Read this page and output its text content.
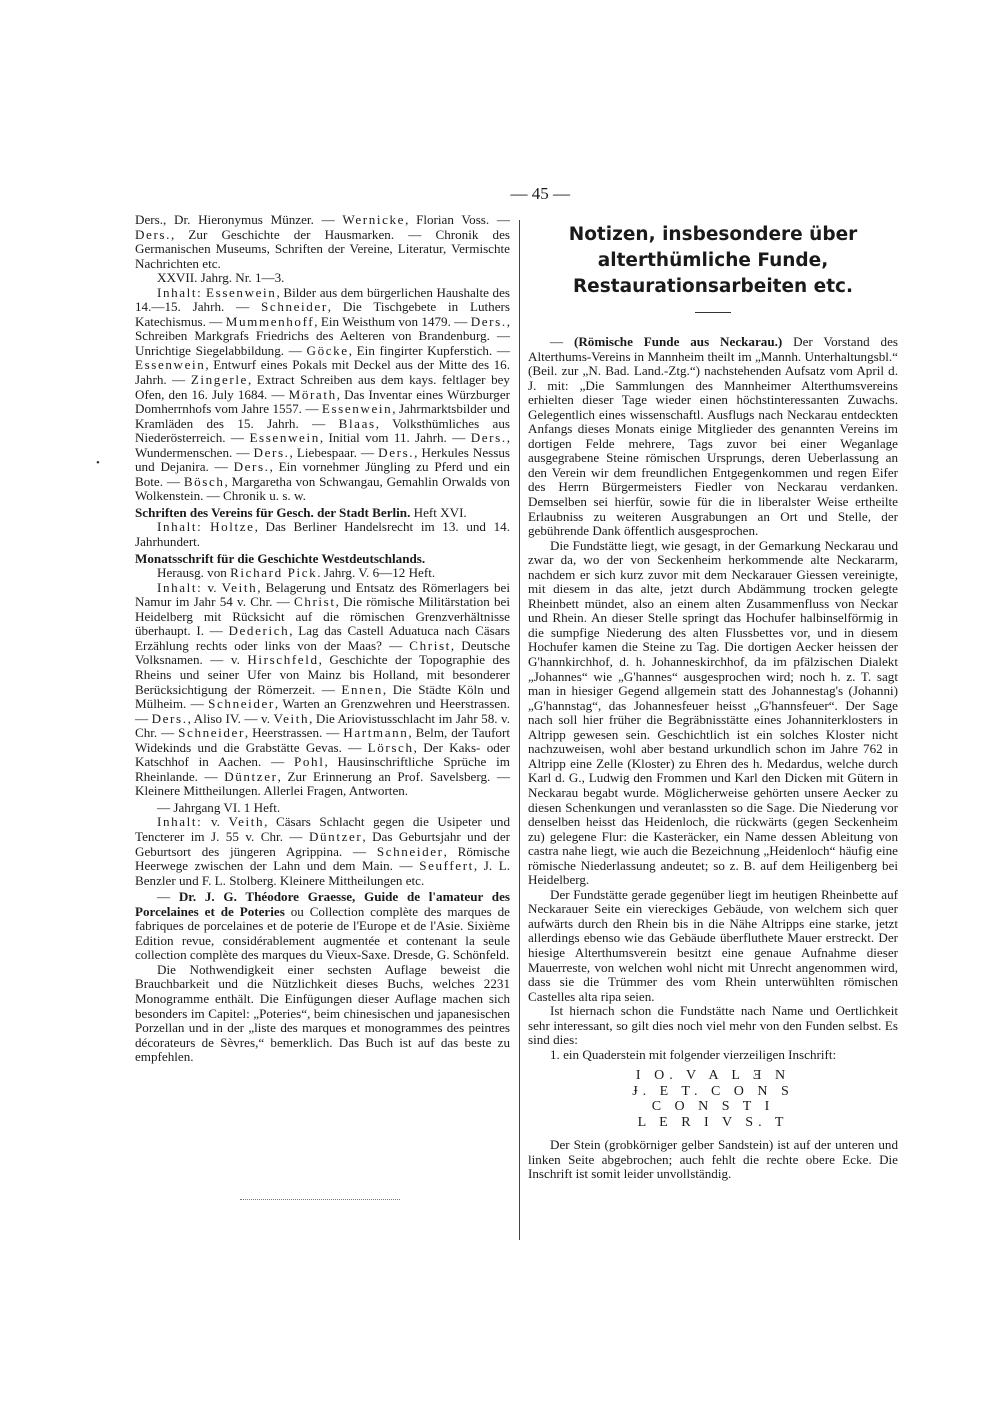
— 45 —
•

Ders., Dr. Hieronymus Münzer. — Wernicke, Florian Voss. — Ders., Zur Geschichte der Hausmarken. — Chronik des Germanischen Museums, Schriften der Vereine, Literatur, Vermischte Nachrichten etc.

XXVII. Jahrg. Nr. 1—3.

Inhalt: Essenwein, Bilder aus dem bürgerlichen Haushalte des 14.—15. Jahrh. — Schneider, Die Tischgebete in Luthers Katechismus. — Mummenhoff, Ein Weisthum von 1479. — Ders., Schreiben Markgrafs Friedrichs des Aelteren von Brandenburg. — Unrichtige Siegelabbildung. — Göcke, Ein fingirter Kupferstich. — Essenwein, Entwurf eines Pokals mit Deckel aus der Mitte des 16. Jahrh. — Zingerle, Extract Schreiben aus dem kays. feltlager bey Ofen, den 16. July 1684. — Mörath, Das Inventar eines Würzburger Domherrnhofs vom Jahre 1557. — Essenwein, Jahrmarktsbilder und Kramläden des 15. Jahrh. — Blaas, Volksthümliches aus Niederösterreich. — Essenwein, Initial vom 11. Jahrh. — Ders., Wundermenschen. — Ders., Liebespaar. — Ders., Herkules Nessus und Dejanira. — Ders., Ein vornehmer Jüngling zu Pferd und ein Bote. — Bösch, Margaretha von Schwangau, Gemahlin Orwalds von Wolkenstein. — Chronik u. s. w.

Schriften des Vereins für Gesch. der Stadt Berlin. Heft XVI.

Inhalt: Holtze, Das Berliner Handelsrecht im 13. und 14. Jahrhundert.

Monatsschrift für die Geschichte Westdeutschlands.

Herausg. von Richard Pick. Jahrg. V. 6—12 Heft.

Inhalt: v. Veith, Belagerung und Entsatz des Römerlagers bei Namur im Jahr 54 v. Chr. — Christ, Die römische Militärstation bei Heidelberg mit Rücksicht auf die römischen Grenzverhältnisse überhaupt. I. — Dederich, Lag das Castell Aduatuca nach Cäsars Erzählung rechts oder links von der Maas? — Christ, Deutsche Volksnamen. — v. Hirschfeld, Geschichte der Topographie des Rheins und seiner Ufer von Mainz bis Holland, mit besonderer Berücksichtigung der Römerzeit. — Ennen, Die Städte Köln und Mülheim. — Schneider, Warten an Grenzwehren und Heerstrassen. — Ders., Aliso IV. — v. Veith, Die Ariovistusschlacht im Jahr 58. v. Chr. — Schneider, Heerstrassen. — Hartmann, Belm, der Taufort Widekinds und die Grabstätte Gevas. — Lörsch, Der Kaks- oder Katschhof in Aachen. — Pohl, Hausinschriftliche Sprüche im Rheinlande. — Düntzer, Zur Erinnerung an Prof. Savelsberg. — Kleinere Mittheilungen. Allerlei Fragen, Antworten.

— Jahrgang VI. 1 Heft.

Inhalt: v. Veith, Cäsars Schlacht gegen die Usipeter und Tencterer im J. 55 v. Chr. — Düntzer, Das Geburtsjahr und der Geburtsort des jüngeren Agrippina. — Schneider, Römische Heerwege zwischen der Lahn und dem Main. — Seuffert, J. L. Benzler und F. L. Stolberg. Kleinere Mittheilungen etc.

— Dr. J. G. Théodore Graesse, Guide de l'amateur des Porcelaines et de Poteries ou Collection complète des marques de fabriques de porcelaines et de poterie de l'Europe et de l'Asie. Sixième Edition revue, considérablement augmentée et contenant la seule collection complète des marques du Vieux-Saxe. Dresde, G. Schönfeld.

Die Nothwendigkeit einer sechsten Auflage beweist die Brauchbarkeit und die Nützlichkeit dieses Buchs, welches 2231 Monogramme enthält. Die Einfügungen dieser Auflage machen sich besonders im Capitel: „Poteries“, beim chinesischen und japanesischen Porzellan und in der „liste des marques et monogrammes des peintres décorateurs de Sèvres,“ bemerklich. Das Buch ist auf das beste zu empfehlen.

Notizen, insbesondere über alterthümliche Funde, Restaurationsarbeiten etc.

— (Römische Funde aus Neckarau.) Der Vorstand des Alterthums-Vereins in Mannheim theilt im „Mannh. Unterhaltungsbl.“ (Beil. zur „N. Bad. Land.-Ztg.“) nachstehenden Aufsatz vom April d. J. mit: „Die Sammlungen des Mannheimer Alterthumsvereins erhielten dieser Tage wieder einen höchstinteressanten Zuwachs. Gelegentlich eines wissenschaftl. Ausflugs nach Neckarau entdeckten Anfangs dieses Monats einige Mitglieder des genannten Vereins im dortigen Felde mehrere, Tags zuvor bei einer Weganlage ausgegrabene Steine römischen Ursprungs, deren Ueberlassung an den Verein wir dem freundlichen Entgegenkommen und regen Eifer des Herrn Bürgermeisters Fiedler von Neckarau verdanken. Demselben sei hierfür, sowie für die in liberalster Weise ertheilte Erlaubniss zu weiteren Ausgrabungen an Ort und Stelle, der gebührende Dank öffentlich ausgesprochen.

Die Fundstätte liegt, wie gesagt, in der Gemarkung Neckarau und zwar da, wo der von Seckenheim herkommende alte Neckararm, nachdem er sich kurz zuvor mit dem Neckarauer Giessen vereinigte, mit diesem in das alte, jetzt durch Abdämmung trocken gelegte Rheinbett mündet, also an einem alten Zusammenfluss von Neckar und Rhein. An dieser Stelle springt das Hochufer halbinselförmig in die sumpfige Niederung des alten Flussbettes vor, und in diesem Hochufer kamen die Steine zu Tag. Die dortigen Aecker heissen der G'hannkirchhof, d. h. Johanneskirchhof, da im pfälzischen Dialekt „Johannes“ wie „G'hannes“ ausgesprochen wird; noch h. z. T. sagt man in hiesiger Gegend allgemein statt des Johannestag's (Johanni) „G'hannstag“, das Johannesfeuer heisst „G'hannsfeuer“. Der Sage nach soll hier früher die Begräbnisstätte eines Johanniterklosters in Altripp gewesen sein. Geschichtlich ist ein solches Kloster nicht nachzuweisen, wohl aber bestand urkundlich schon im Jahre 762 in Altripp eine Zelle (Kloster) zu Ehren des h. Medardus, welche durch Karl d. G., Ludwig den Frommen und Karl den Dicken mit Gütern in Neckarau begabt wurde. Möglicherweise gehörten unsere Aecker zu diesen Schenkungen und veranlassten so die Sage. Die Niederung vor denselben heisst das Heidenloch, die rückwärts (gegen Seckenheim zu) gelegene Flur: die Kasteräcker, ein Name dessen Ableitung von castra nahe liegt, wie auch die Bezeichnung „Heidenloch“ häufig eine römische Niederlassung andeutet; so z. B. auf dem Heiligenberg bei Heidelberg.

Der Fundstätte gerade gegenüber liegt im heutigen Rheinbette auf Neckarauer Seite ein viereckiges Gebäude, von welchem sich quer aufwärts durch den Rhein bis in die Nähe Altripps eine starke, jetzt allerdings ebenso wie das Gebäude überfluthete Mauer erstreckt. Der hiesige Alterthumsverein besitzt eine genaue Aufnahme dieser Mauerreste, von welchen wohl nicht mit Unrecht angenommen wird, dass sie die Trümmer des vom Rhein unterwühlten römischen Castelles alta ripa seien.

Ist hiernach schon die Fundstätte nach Name und Oertlichkeit sehr interessant, so gilt dies noch viel mehr von den Funden selbst. Es sind dies:

1. ein Quaderstein mit folgender vierzeiligen Inschrift:

I O. V A L Ǝ N
Ɉ. E T. C O N S
C O N S T I
L E R I V S. T

Der Stein (grobkörniger gelber Sandstein) ist auf der unteren und linken Seite abgebrochen; auch fehlt die rechte obere Ecke. Die Inschrift ist somit leider unvollständig.
